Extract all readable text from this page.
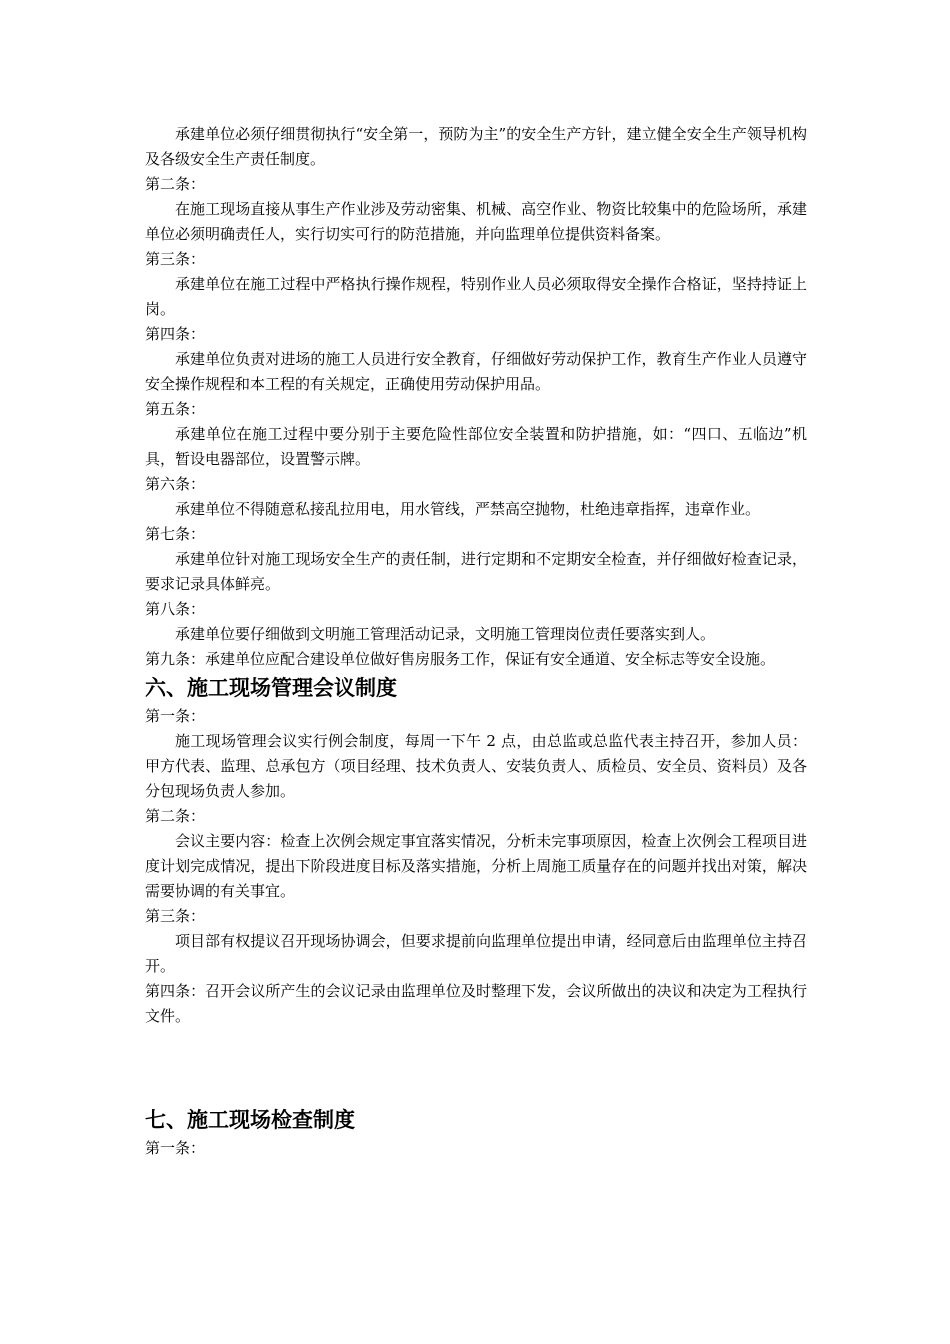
承建单位必须仔细贯彻执行“安全第一，预防为主”的安全生产方针，建立健全安全生产领导机构及各级安全生产责任制度。
第二条：
在施工现场直接从事生产作业涉及劳动密集、机械、高空作业、物资比较集中的危险场所，承建单位必须明确责任人，实行切实可行的防范措施，并向监理单位提供资料备案。
第三条：
承建单位在施工过程中严格执行操作规程，特别作业人员必须取得安全操作合格证，坚持持证上岗。
第四条：
承建单位负责对进场的施工人员进行安全教育，仔细做好劳动保护工作，教育生产作业人员遵守安全操作规程和本工程的有关规定，正确使用劳动保护用品。
第五条：
承建单位在施工过程中要分别于主要危险性部位安全装置和防护措施，如：“四口、五临边”机具，暂设电器部位，设置警示牌。
第六条：
承建单位不得随意私接乱拉用电，用水管线，严禁高空抛物，杜绝违章指挥，违章作业。
第七条：
承建单位针对施工现场安全生产的责任制，进行定期和不定期安全检查，并仔细做好检查记录，要求记录具体鲜亮。
第八条：
承建单位要仔细做到文明施工管理活动记录，文明施工管理岗位责任要落实到人。
第九条：承建单位应配合建设单位做好售房服务工作，保证有安全通道、安全标志等安全设施。
六、施工现场管理会议制度
第一条：
施工现场管理会议实行例会制度，每周一下午 2 点，由总监或总监代表主持召开，参加人员：甲方代表、监理、总承包方（项目经理、技术负责人、安装负责人、质检员、安全员、资料员）及各分包现场负责人参加。
第二条：
会议主要内容：检查上次例会规定事宜落实情况，分析未完事项原因，检查上次例会工程项目进度计划完成情况，提出下阶段进度目标及落实措施，分析上周施工质量存在的问题并找出对策，解决需要协调的有关事宜。
第三条：
项目部有权提议召开现场协调会，但要求提前向监理单位提出申请，经同意后由监理单位主持召开。
第四条：召开会议所产生的会议记录由监理单位及时整理下发，会议所做出的决议和决定为工程执行文件。
七、施工现场检查制度
第一条：
